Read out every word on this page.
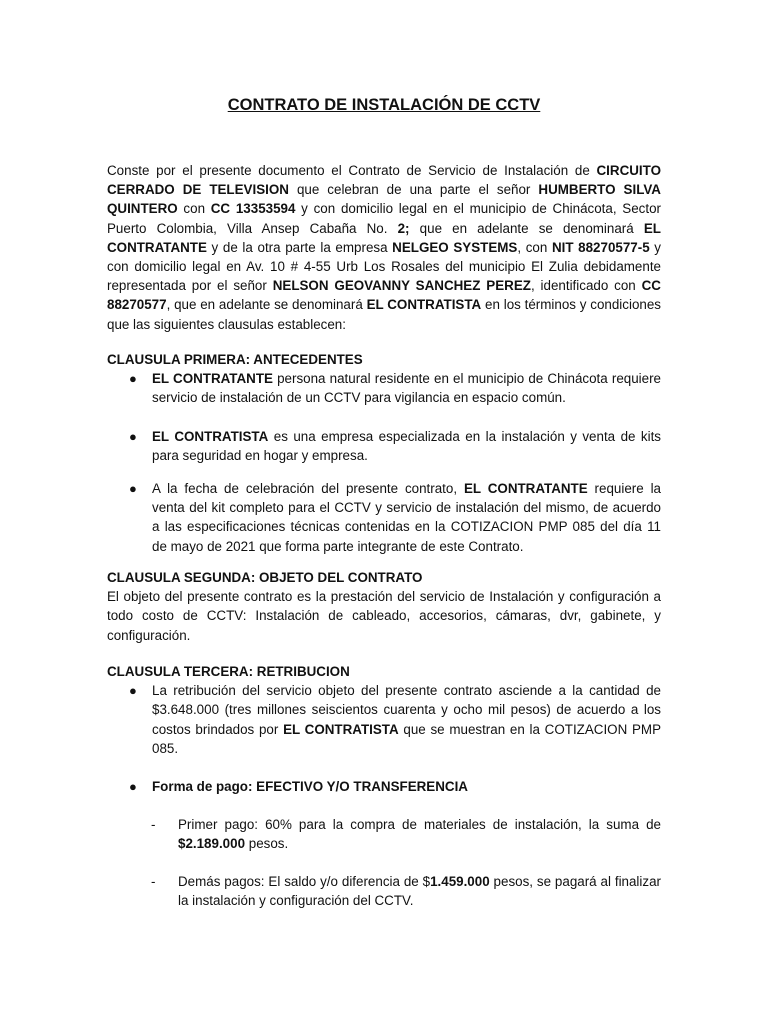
CONTRATO DE INSTALACIÓN DE CCTV

Conste por el presente documento el Contrato de Servicio de Instalación de CIRCUITO CERRADO DE TELEVISION que celebran de una parte el señor HUMBERTO SILVA QUINTERO con CC 13353594 y con domicilio legal en el municipio de Chinácota, Sector Puerto Colombia, Villa Ansep Cabaña No. 2; que en adelante se denominará EL CONTRATANTE y de la otra parte la empresa NELGEO SYSTEMS, con NIT 88270577-5 y con domicilio legal en Av. 10 # 4-55 Urb Los Rosales del municipio El Zulia debidamente representada por el señor NELSON GEOVANNY SANCHEZ PEREZ, identificado con CC 88270577, que en adelante se denominará EL CONTRATISTA en los términos y condiciones que las siguientes clausulas establecen:

CLAUSULA PRIMERA: ANTECEDENTES
● EL CONTRATANTE persona natural residente en el municipio de Chinácota requiere servicio de instalación de un CCTV para vigilancia en espacio común.
● EL CONTRATISTA es una empresa especializada en la instalación y venta de kits para seguridad en hogar y empresa.
● A la fecha de celebración del presente contrato, EL CONTRATANTE requiere la venta del kit completo para el CCTV y servicio de instalación del mismo, de acuerdo a las especificaciones técnicas contenidas en la COTIZACION PMP 085 del día 11 de mayo de 2021 que forma parte integrante de este Contrato.
CLAUSULA SEGUNDA: OBJETO DEL CONTRATO

El objeto del presente contrato es la prestación del servicio de Instalación y configuración a todo costo de CCTV: Instalación de cableado, accesorios, cámaras, dvr, gabinete, y configuración.

CLAUSULA TERCERA: RETRIBUCION
● La retribución del servicio objeto del presente contrato asciende a la cantidad de $3.648.000 (tres millones seiscientos cuarenta y ocho mil pesos) de acuerdo a los costos brindados por EL CONTRATISTA que se muestran en la COTIZACION PMP 085.
● Forma de pago: EFECTIVO Y/O TRANSFERENCIA
- Primer pago: 60% para la compra de materiales de instalación, la suma de $2.189.000 pesos.
- Demás pagos: El saldo y/o diferencia de $1.459.000 pesos, se pagará al finalizar la instalación y configuración del CCTV.
